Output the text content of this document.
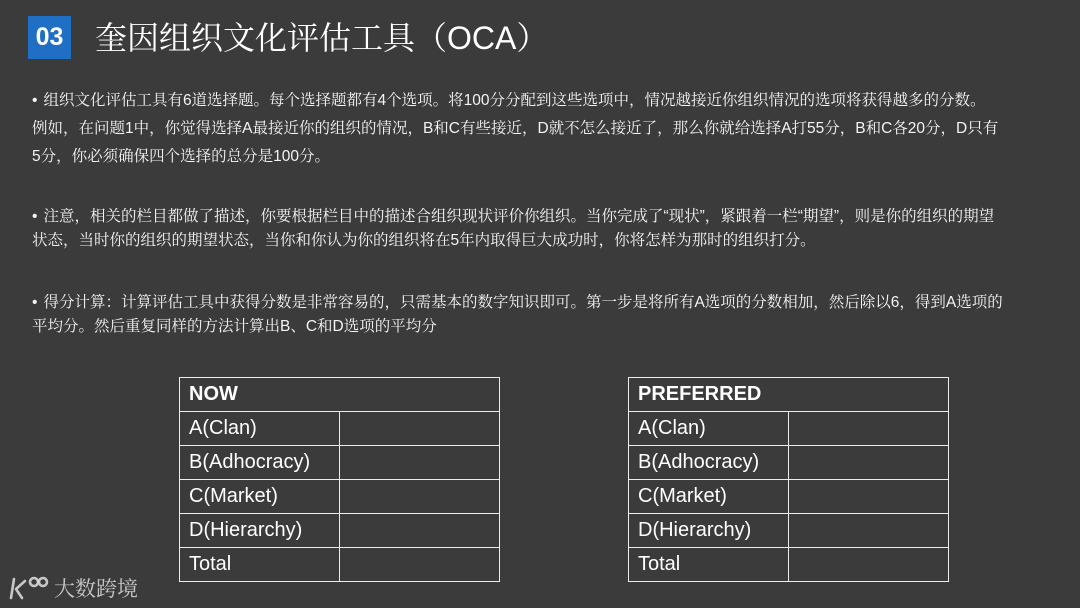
03 奎因组织文化评估工具（OCA）
• 组织文化评估工具有6道选择题。每个选择题都有4个选项。将100分分配到这些选项中，情况越接近你组织情况的选项将获得越多的分数。
例如，在问题1中，你觉得选择A最接近你的组织的情况，B和C有些接近，D就不怎么接近了，那么你就给选择A打55分，B和C各20分，D只有
5分，你必须确保四个选择的总分是100分。
• 注意，相关的栏目都做了描述，你要根据栏目中的描述合组织现状评价你组织。当你完成了“现状”，紧跟着一栏“期望”，则是你的组织的期望
状态，当时你的组织的期望状态，当你和你认为你的组织将在5年内取得巨大成功时，你将怎样为那时的组织打分。
• 得分计算：计算评估工具中获得分数是非常容易的，只需基本的数字知识即可。第一步是将所有A选项的分数相加，然后除以6，得到A选项的
平均分。然后重复同样的方法计算出B、C和D选项的平均分
NOW
A(Clan)
B(Adhocracy)
C(Market)
D(Hierarchy)
Total
PREFERRED
A(Clan)
B(Adhocracy)
C(Market)
D(Hierarchy)
Total
大数跨境
